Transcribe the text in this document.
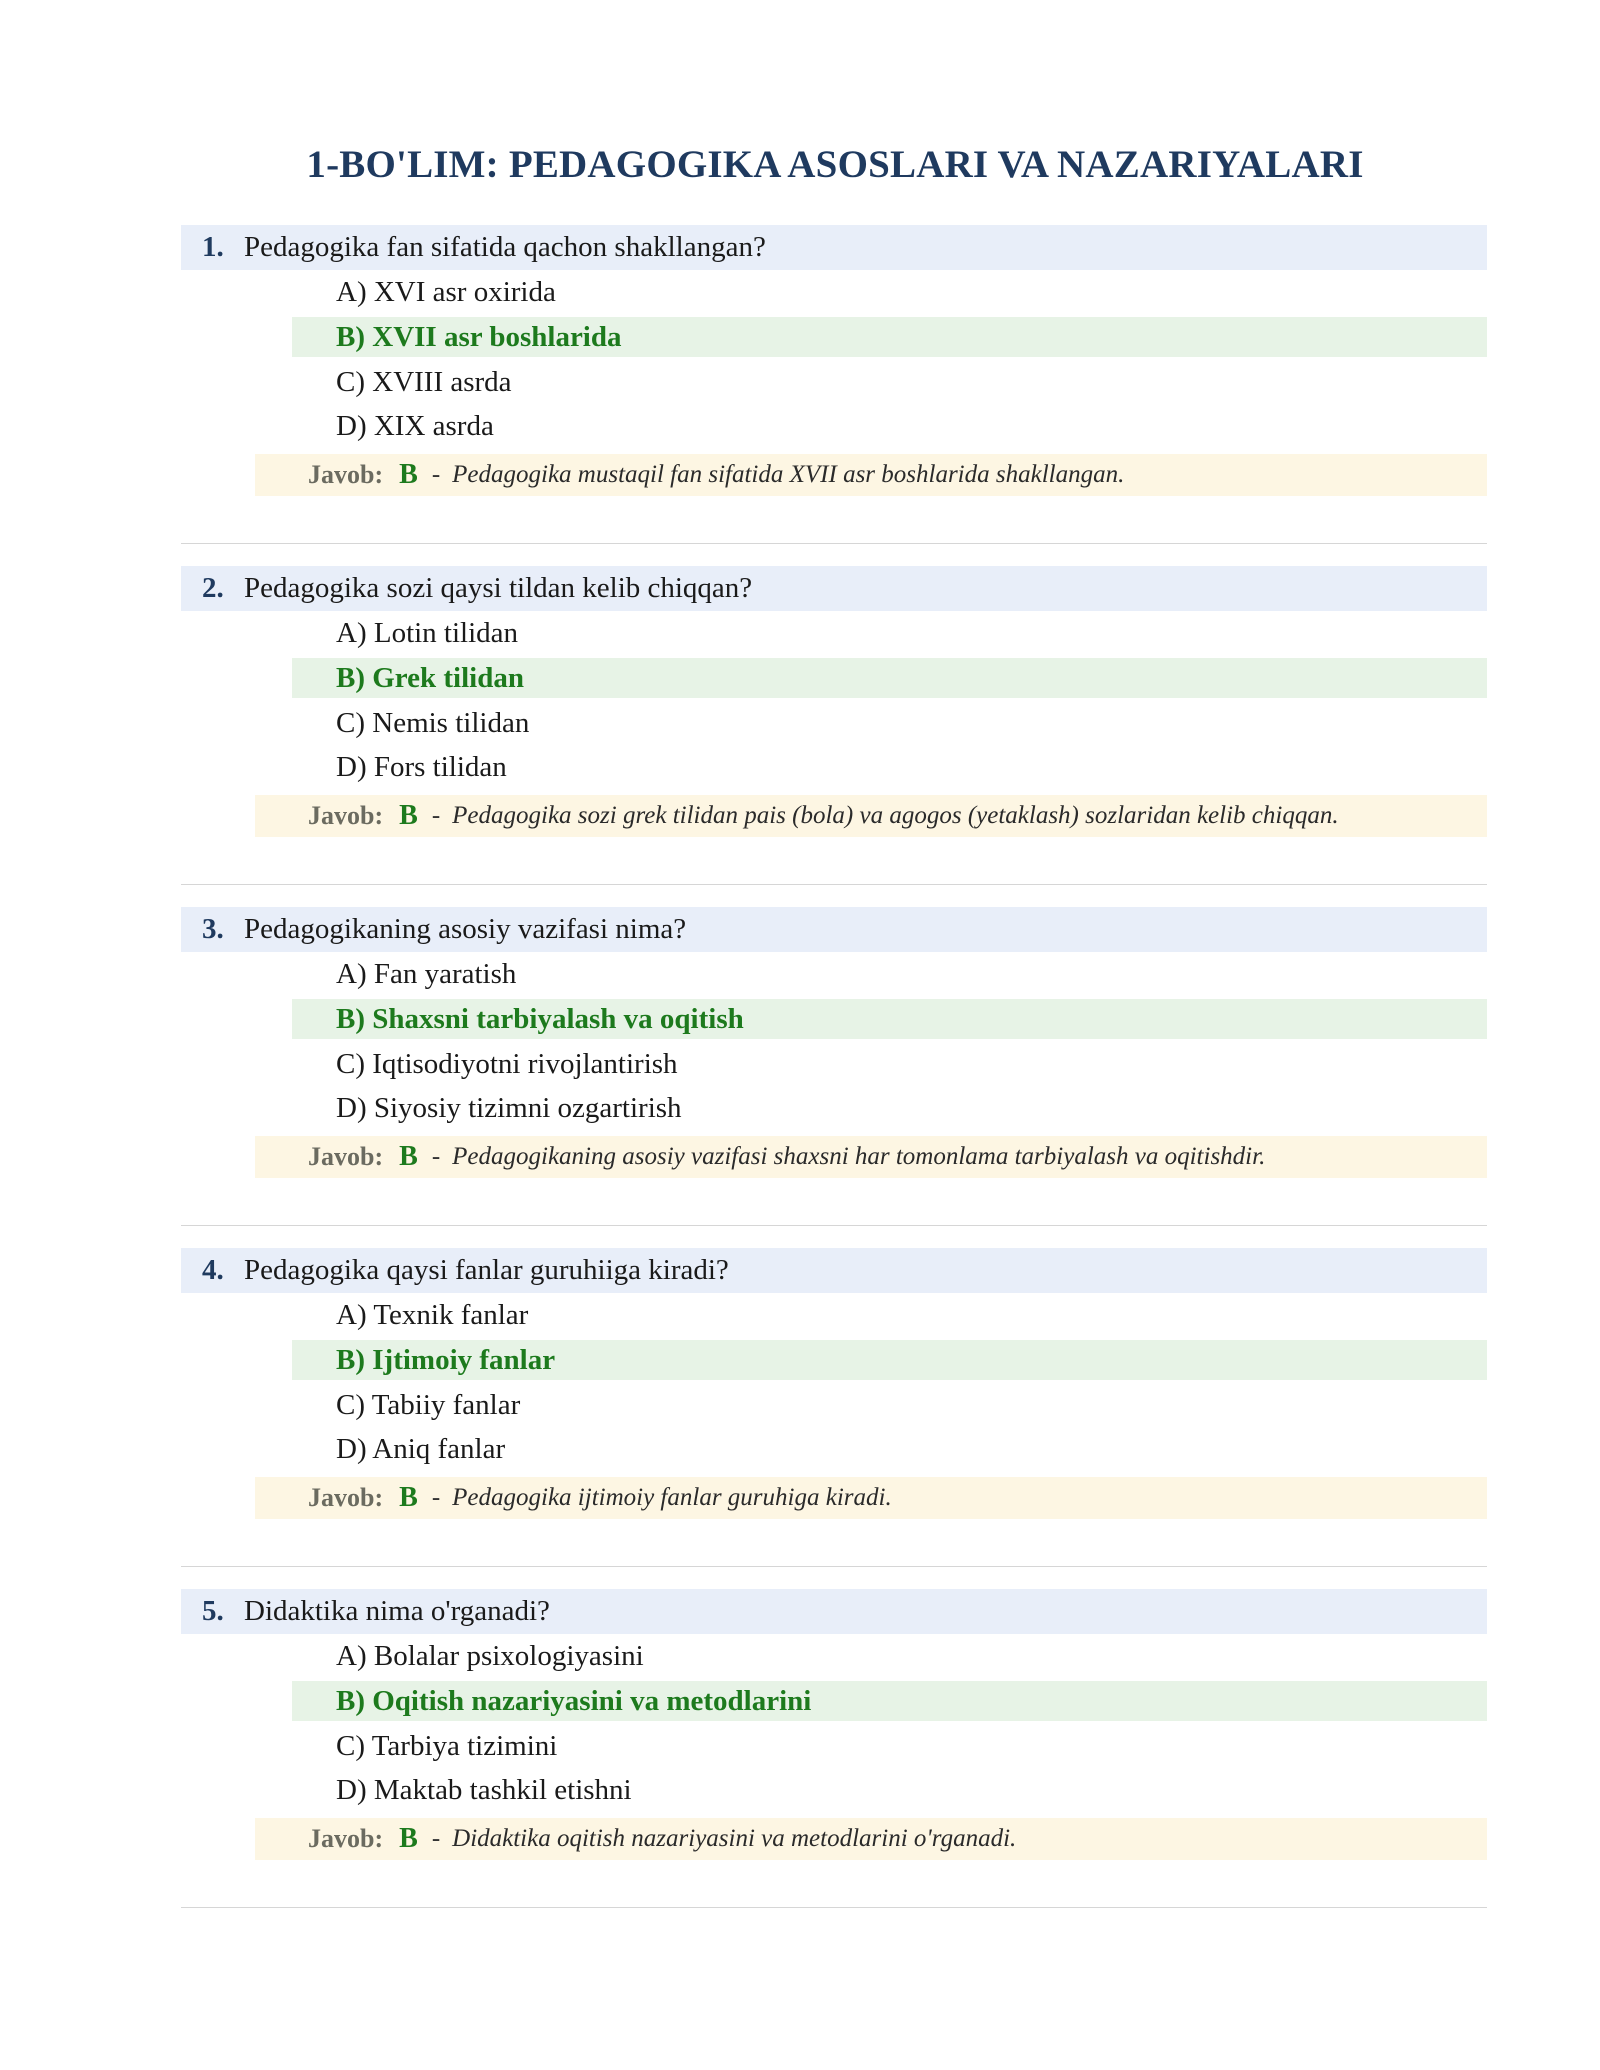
1-BO'LIM: PEDAGOGIKA ASOSLARI VA NAZARIYALARI
1. Pedagogika fan sifatida qachon shakllangan?
A) XVI asr oxirida
B) XVII asr boshlarida
C) XVIII asrda
D) XIX asrda
Javob: B - Pedagogika mustaqil fan sifatida XVII asr boshlarida shakllangan.
2. Pedagogika sozi qaysi tildan kelib chiqqan?
A) Lotin tilidan
B) Grek tilidan
C) Nemis tilidan
D) Fors tilidan
Javob: B - Pedagogika sozi grek tilidan pais (bola) va agogos (yetaklash) sozlaridan kelib chiqqan.
3. Pedagogikaning asosiy vazifasi nima?
A) Fan yaratish
B) Shaxsni tarbiyalash va oqitish
C) Iqtisodiyotni rivojlantirish
D) Siyosiy tizimni ozgartirish
Javob: B - Pedagogikaning asosiy vazifasi shaxsni har tomonlama tarbiyalash va oqitishdir.
4. Pedagogika qaysi fanlar guruhiiga kiradi?
A) Texnik fanlar
B) Ijtimoiy fanlar
C) Tabiiy fanlar
D) Aniq fanlar
Javob: B - Pedagogika ijtimoiy fanlar guruhiga kiradi.
5. Didaktika nima o'rganadi?
A) Bolalar psixologiyasini
B) Oqitish nazariyasini va metodlarini
C) Tarbiya tizimini
D) Maktab tashkil etishni
Javob: B - Didaktika oqitish nazariyasini va metodlarini o'rganadi.
